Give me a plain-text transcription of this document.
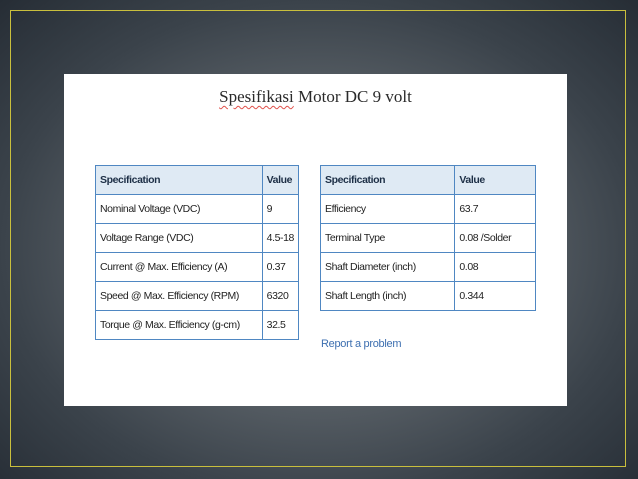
Spesifikasi Motor DC 9 volt
Specification	Value
Nominal Voltage (VDC)	9
Voltage Range (VDC)	4.5-18
Current @ Max. Efficiency (A)	0.37
Speed @ Max. Efficiency (RPM)	6320
Torque @ Max. Efficiency (g-cm)	32.5
Specification	Value
Efficiency	63.7
Terminal Type	0.08 /Solder
Shaft Diameter (inch)	0.08
Shaft Length (inch)	0.344
Report a problem
